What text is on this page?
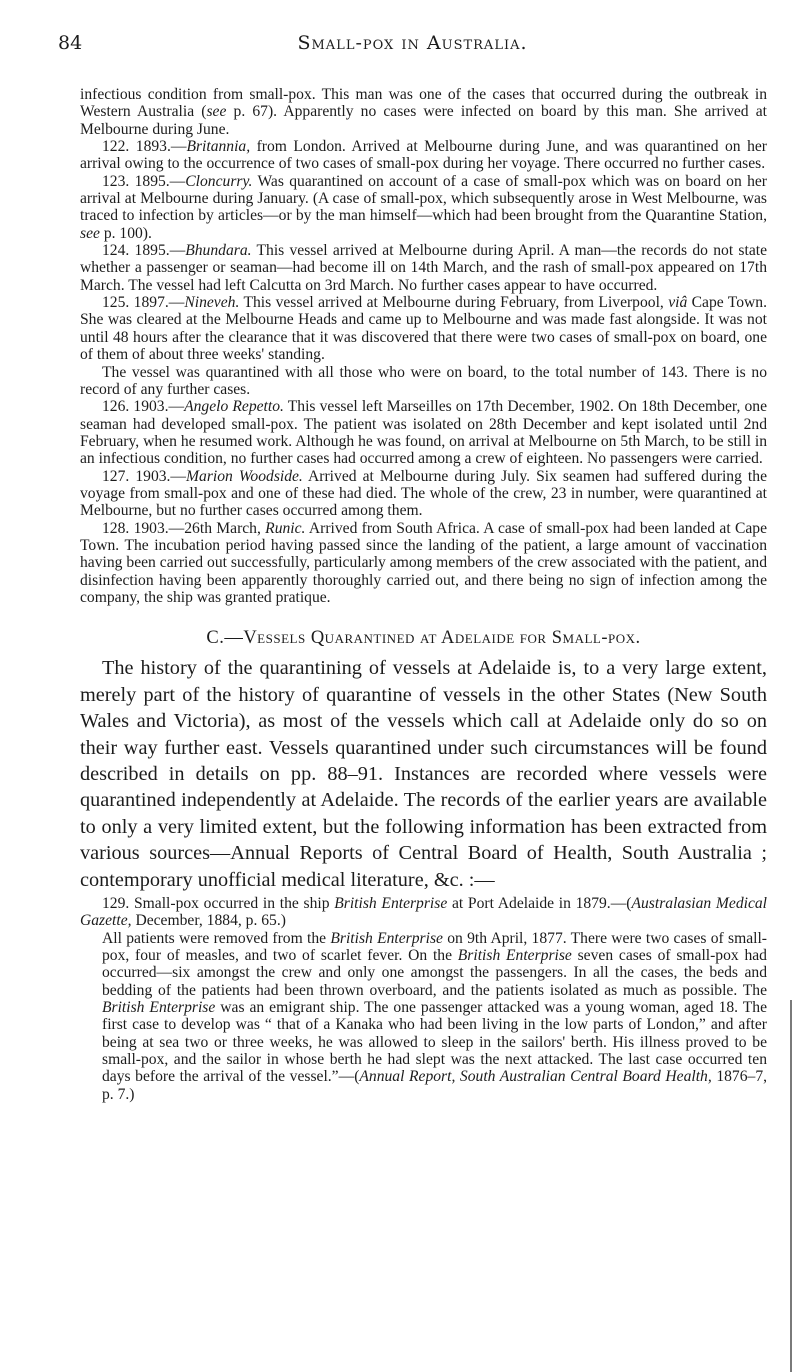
84	Small-pox in Australia.

infectious condition from small-pox. This man was one of the cases that occurred during the outbreak in Western Australia (see p. 67). Apparently no cases were infected on board by this man. She arrived at Melbourne during June.

122. 1893.—Britannia, from London. Arrived at Melbourne during June, and was quarantined on her arrival owing to the occurrence of two cases of small-pox during her voyage. There occurred no further cases.

123. 1895.—Cloncurry. Was quarantined on account of a case of small-pox which was on board on her arrival at Melbourne during January. (A case of small-pox, which subsequently arose in West Melbourne, was traced to infection by articles—or by the man himself—which had been brought from the Quarantine Station, see p. 100).

124. 1895.—Bhundara. This vessel arrived at Melbourne during April. A man—the records do not state whether a passenger or seaman—had become ill on 14th March, and the rash of small-pox appeared on 17th March. The vessel had left Calcutta on 3rd March. No further cases appear to have occurred.

125. 1897.—Nineveh. This vessel arrived at Melbourne during February, from Liverpool, viâ Cape Town. She was cleared at the Melbourne Heads and came up to Melbourne and was made fast alongside. It was not until 48 hours after the clearance that it was discovered that there were two cases of small-pox on board, one of them of about three weeks' standing.

The vessel was quarantined with all those who were on board, to the total number of 143. There is no record of any further cases.

126. 1903.—Angelo Repetto. This vessel left Marseilles on 17th December, 1902. On 18th December, one seaman had developed small-pox. The patient was isolated on 28th December and kept isolated until 2nd February, when he resumed work. Although he was found, on arrival at Melbourne on 5th March, to be still in an infectious condition, no further cases had occurred among a crew of eighteen. No passengers were carried.

127. 1903.—Marion Woodside. Arrived at Melbourne during July. Six seamen had suffered during the voyage from small-pox and one of these had died. The whole of the crew, 23 in number, were quarantined at Melbourne, but no further cases occurred among them.

128. 1903.—26th March, Runic. Arrived from South Africa. A case of small-pox had been landed at Cape Town. The incubation period having passed since the landing of the patient, a large amount of vaccination having been carried out successfully, particularly among members of the crew associated with the patient, and disinfection having been apparently thoroughly carried out, and there being no sign of infection among the company, the ship was granted pratique.

C.—Vessels Quarantined at Adelaide for Small-pox.

The history of the quarantining of vessels at Adelaide is, to a very large extent, merely part of the history of quarantine of vessels in the other States (New South Wales and Victoria), as most of the vessels which call at Adelaide only do so on their way further east. Vessels quarantined under such circumstances will be found described in details on pp. 88–91. Instances are recorded where vessels were quarantined independently at Adelaide. The records of the earlier years are available to only a very limited extent, but the following information has been extracted from various sources—Annual Reports of Central Board of Health, South Australia ; contemporary unofficial medical literature, &c. :—

129. Small-pox occurred in the ship British Enterprise at Port Adelaide in 1879.—(Australasian Medical Gazette, December, 1884, p. 65.)

All patients were removed from the British Enterprise on 9th April, 1877. There were two cases of small-pox, four of measles, and two of scarlet fever. On the British Enterprise seven cases of small-pox had occurred—six amongst the crew and only one amongst the passengers. In all the cases, the beds and bedding of the patients had been thrown overboard, and the patients isolated as much as possible. The British Enterprise was an emigrant ship. The one passenger attacked was a young woman, aged 18. The first case to develop was “ that of a Kanaka who had been living in the low parts of London,” and after being at sea two or three weeks, he was allowed to sleep in the sailors' berth. His illness proved to be small-pox, and the sailor in whose berth he had slept was the next attacked. The last case occurred ten days before the arrival of the vessel.”—(Annual Report, South Australian Central Board Health, 1876–7, p. 7.)
